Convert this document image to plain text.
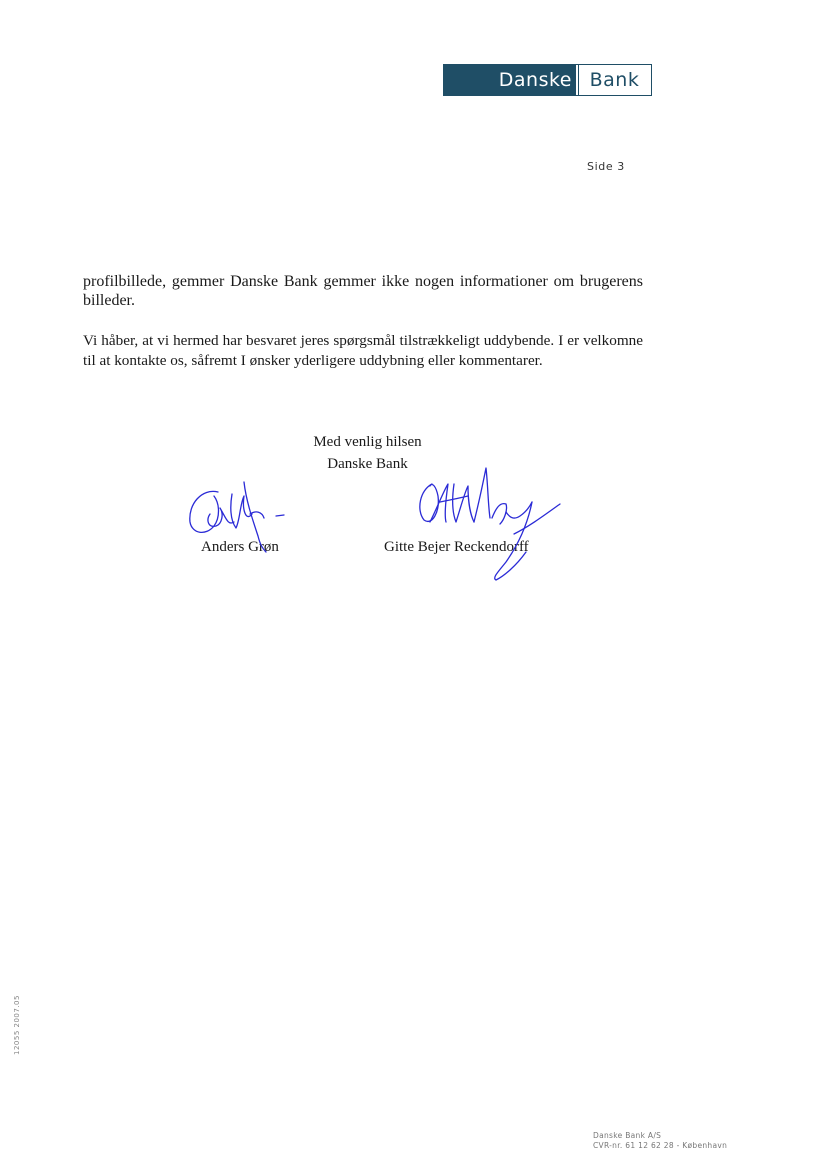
Danske Bank
Side 3

profilbillede, gemmer Danske Bank gemmer ikke nogen informationer om brugerens billeder.

Vi håber, at vi hermed har besvaret jeres spørgsmål tilstrækkeligt uddybende. I er velkomne til at kontakte os, såfremt I ønsker yderligere uddybning eller kommentarer.

Med venlig hilsen
Danske Bank
Anders Grøn	Gitte Bejer Reckendorff
12055 2007.05
Danske Bank A/S
CVR-nr. 61 12 62 28 - København
